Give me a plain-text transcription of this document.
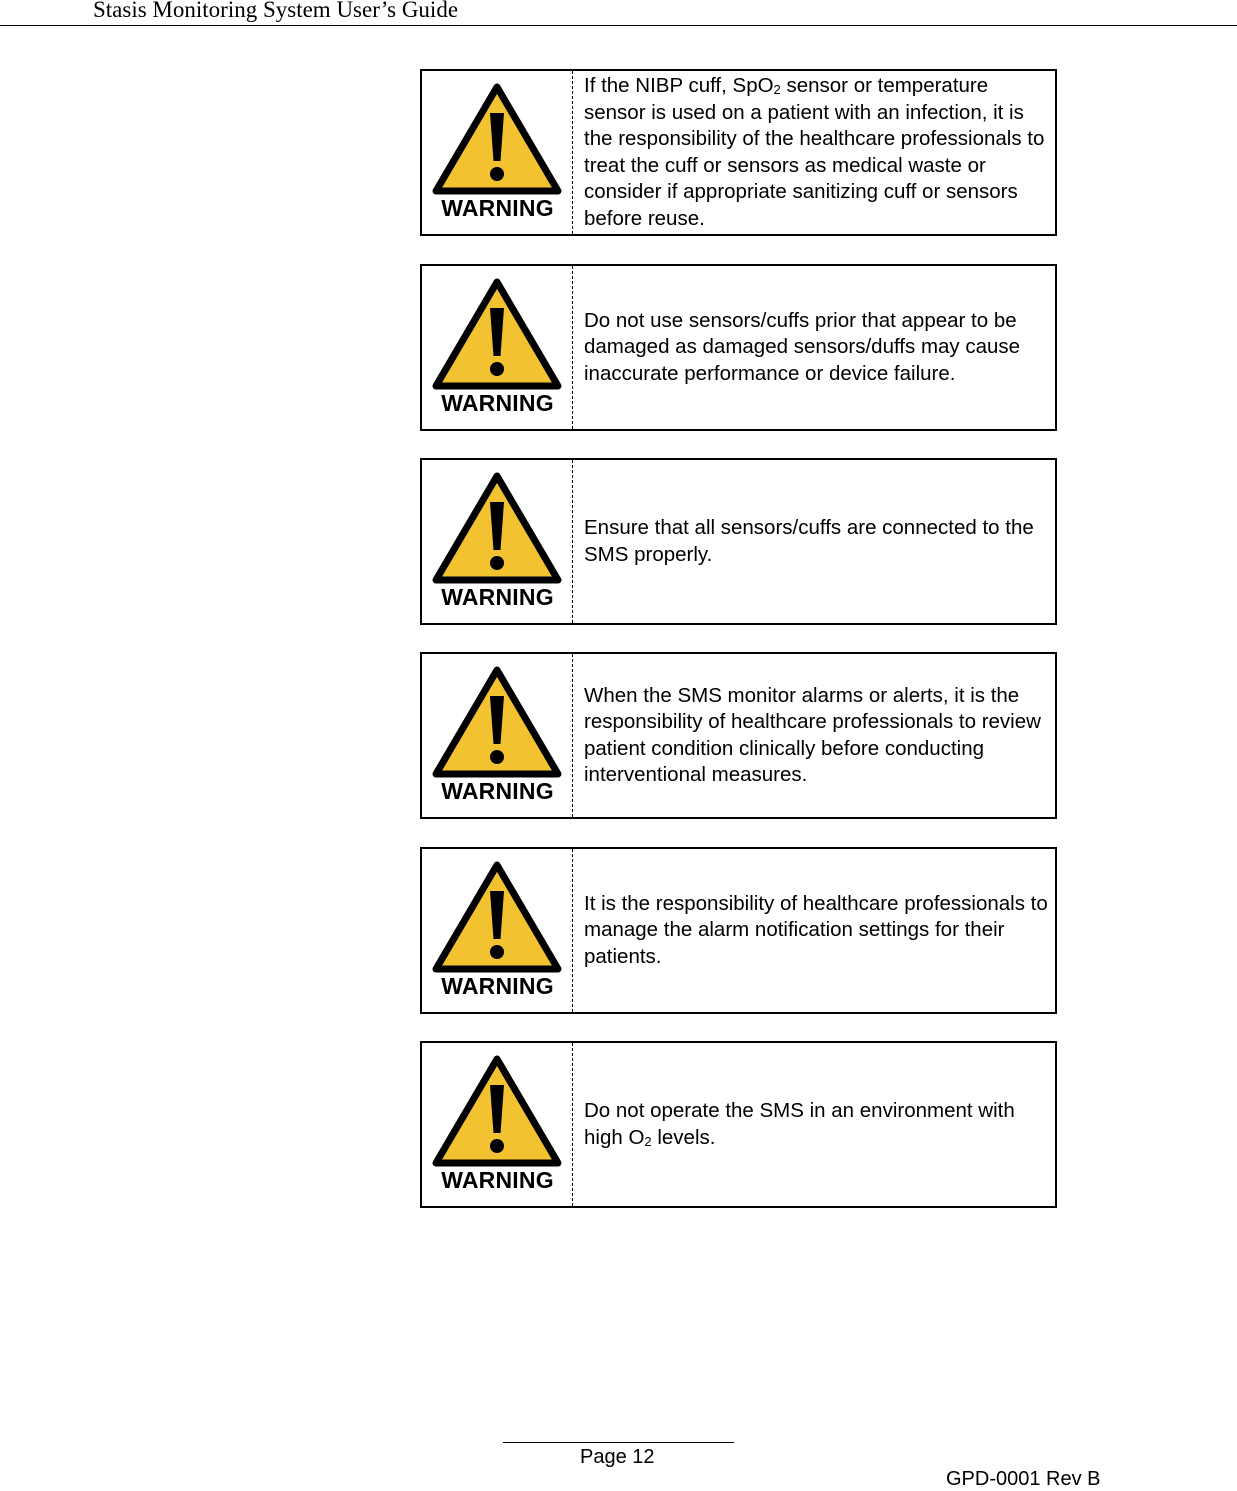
Stasis Monitoring System User’s Guide
WARNING

If the NIBP cuff, SpO$_2$ sensor or temperature sensor is used on a patient with an infection, it is the responsibility of the healthcare professionals to treat the cuff or sensors as medical waste or consider if appropriate sanitizing cuff or sensors before reuse.

WARNING

Do not use sensors/cuffs prior that appear to be damaged as damaged sensors/duffs may cause inaccurate performance or device failure.

WARNING

Ensure that all sensors/cuffs are connected to the SMS properly.

WARNING

When the SMS monitor alarms or alerts, it is the responsibility of healthcare professionals to review patient condition clinically before conducting interventional measures.

WARNING

It is the responsibility of healthcare professionals to manage the alarm notification settings for their patients.

WARNING

Do not operate the SMS in an environment with high $O_2$ levels.

Page 12
GPD-0001 Rev B
